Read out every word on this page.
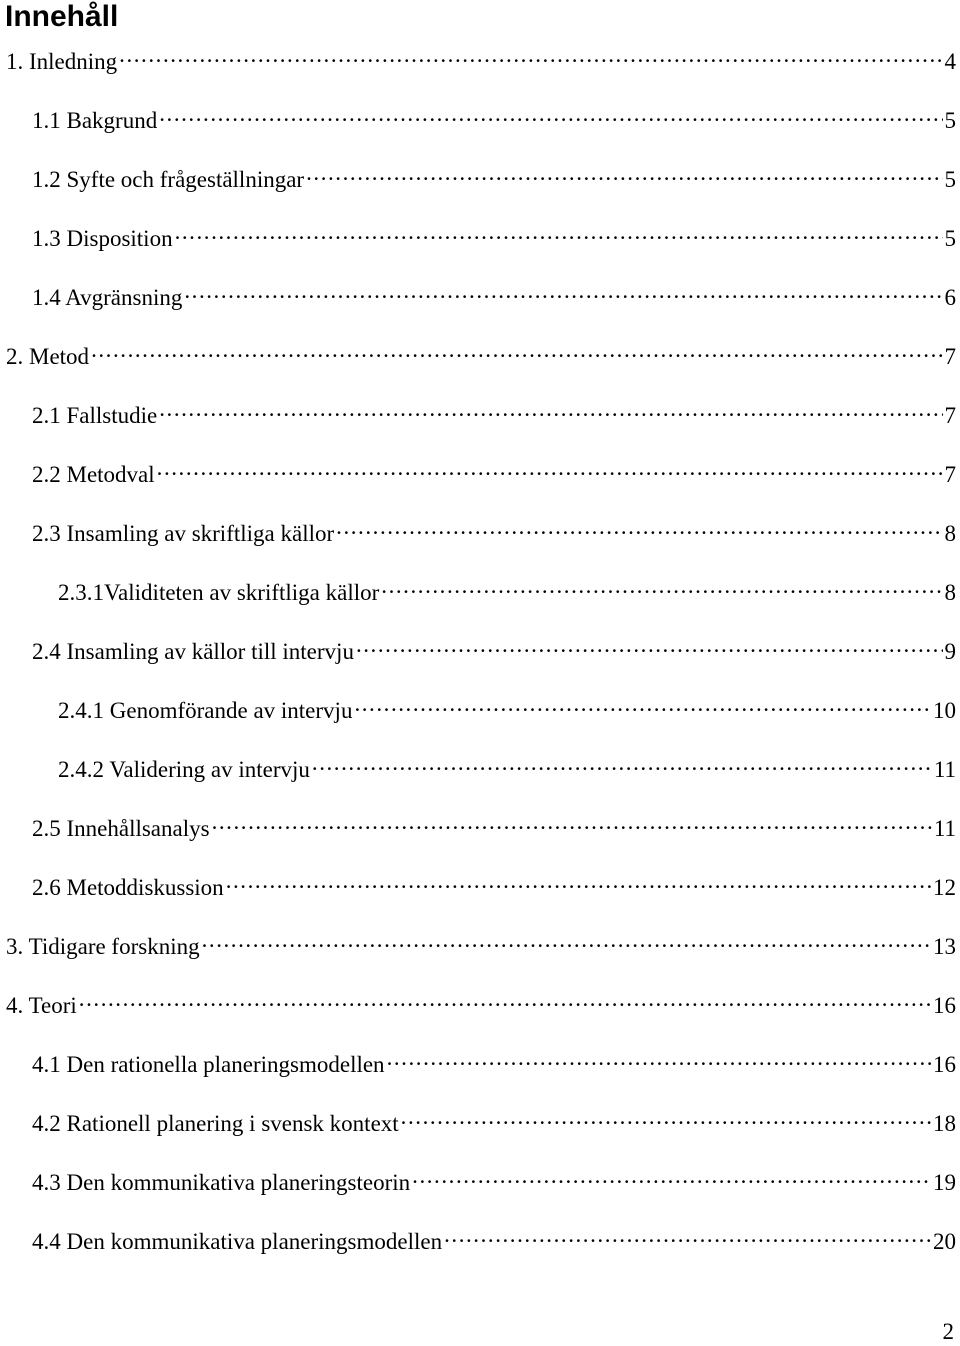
Innehåll
1. Inledning . . .	4
1.1 Bakgrund . . .	5
1.2 Syfte och frågeställningar . . .	5
1.3 Disposition . . .	5
1.4 Avgränsning . . .	6
2. Metod . . .	7
2.1 Fallstudie . . .	7
2.2 Metodval . . .	7
2.3 Insamling av skriftliga källor . . .	8
2.3.1Validiteten av skriftliga källor . . .	8
2.4 Insamling av källor till intervju . . .	9
2.4.1 Genomförande av intervju . . .	10
2.4.2 Validering av intervju . . .	11
2.5 Innehållsanalys . . .	11
2.6 Metoddiskussion . . .	12
3. Tidigare forskning . . .	13
4. Teori . . .	16
4.1 Den rationella planeringsmodellen . . .	16
4.2 Rationell planering i svensk kontext . . .	18
4.3 Den kommunikativa planeringsteorin . . .	19
4.4 Den kommunikativa planeringsmodellen . . .	20
2
